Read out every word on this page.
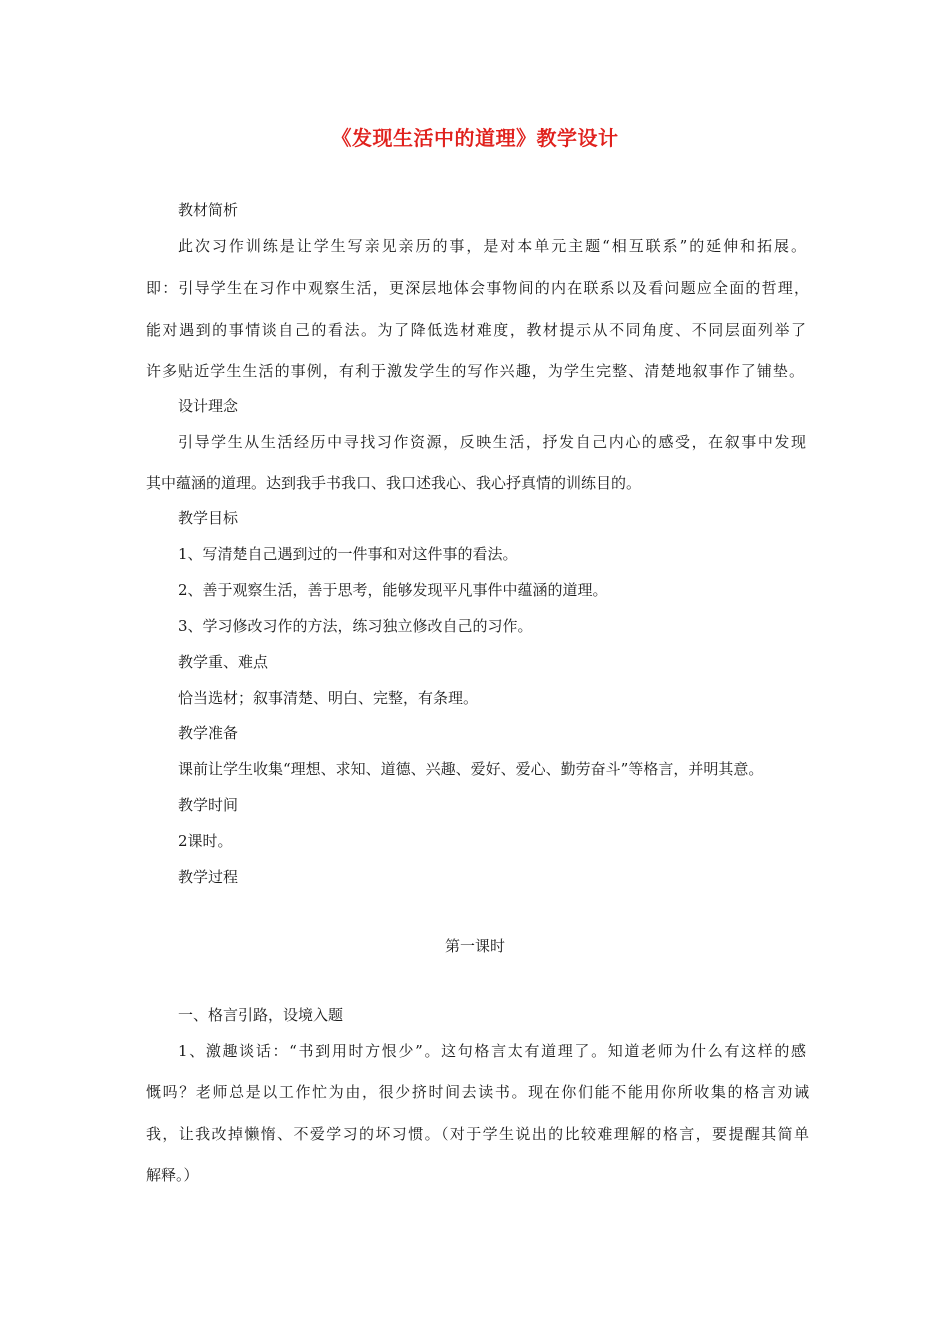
《发现生活中的道理》教学设计
教材简析
此次习作训练是让学生写亲见亲历的事，是对本单元主题“相互联系”的延伸和拓展。
即：引导学生在习作中观察生活，更深层地体会事物间的内在联系以及看问题应全面的哲理，
能对遇到的事情谈自己的看法。为了降低选材难度，教材提示从不同角度、不同层面列举了
许多贴近学生生活的事例，有利于激发学生的写作兴趣，为学生完整、清楚地叙事作了铺垫。
设计理念
引导学生从生活经历中寻找习作资源，反映生活，抒发自己内心的感受，在叙事中发现
其中蕴涵的道理。达到我手书我口、我口述我心、我心抒真情的训练目的。
教学目标
1、写清楚自己遇到过的一件事和对这件事的看法。
2、善于观察生活，善于思考，能够发现平凡事件中蕴涵的道理。
3、学习修改习作的方法，练习独立修改自己的习作。
教学重、难点
恰当选材；叙事清楚、明白、完整，有条理。
教学准备
课前让学生收集“理想、求知、道德、兴趣、爱好、爱心、勤劳奋斗”等格言，并明其意。
教学时间
2课时。
教学过程
第一课时
一、格言引路，设境入题
1、激趣谈话：“书到用时方恨少”。这句格言太有道理了。知道老师为什么有这样的感
慨吗？老师总是以工作忙为由，很少挤时间去读书。现在你们能不能用你所收集的格言劝诫
我，让我改掉懒惰、不爱学习的坏习惯。（对于学生说出的比较难理解的格言，要提醒其简单
解释。）
